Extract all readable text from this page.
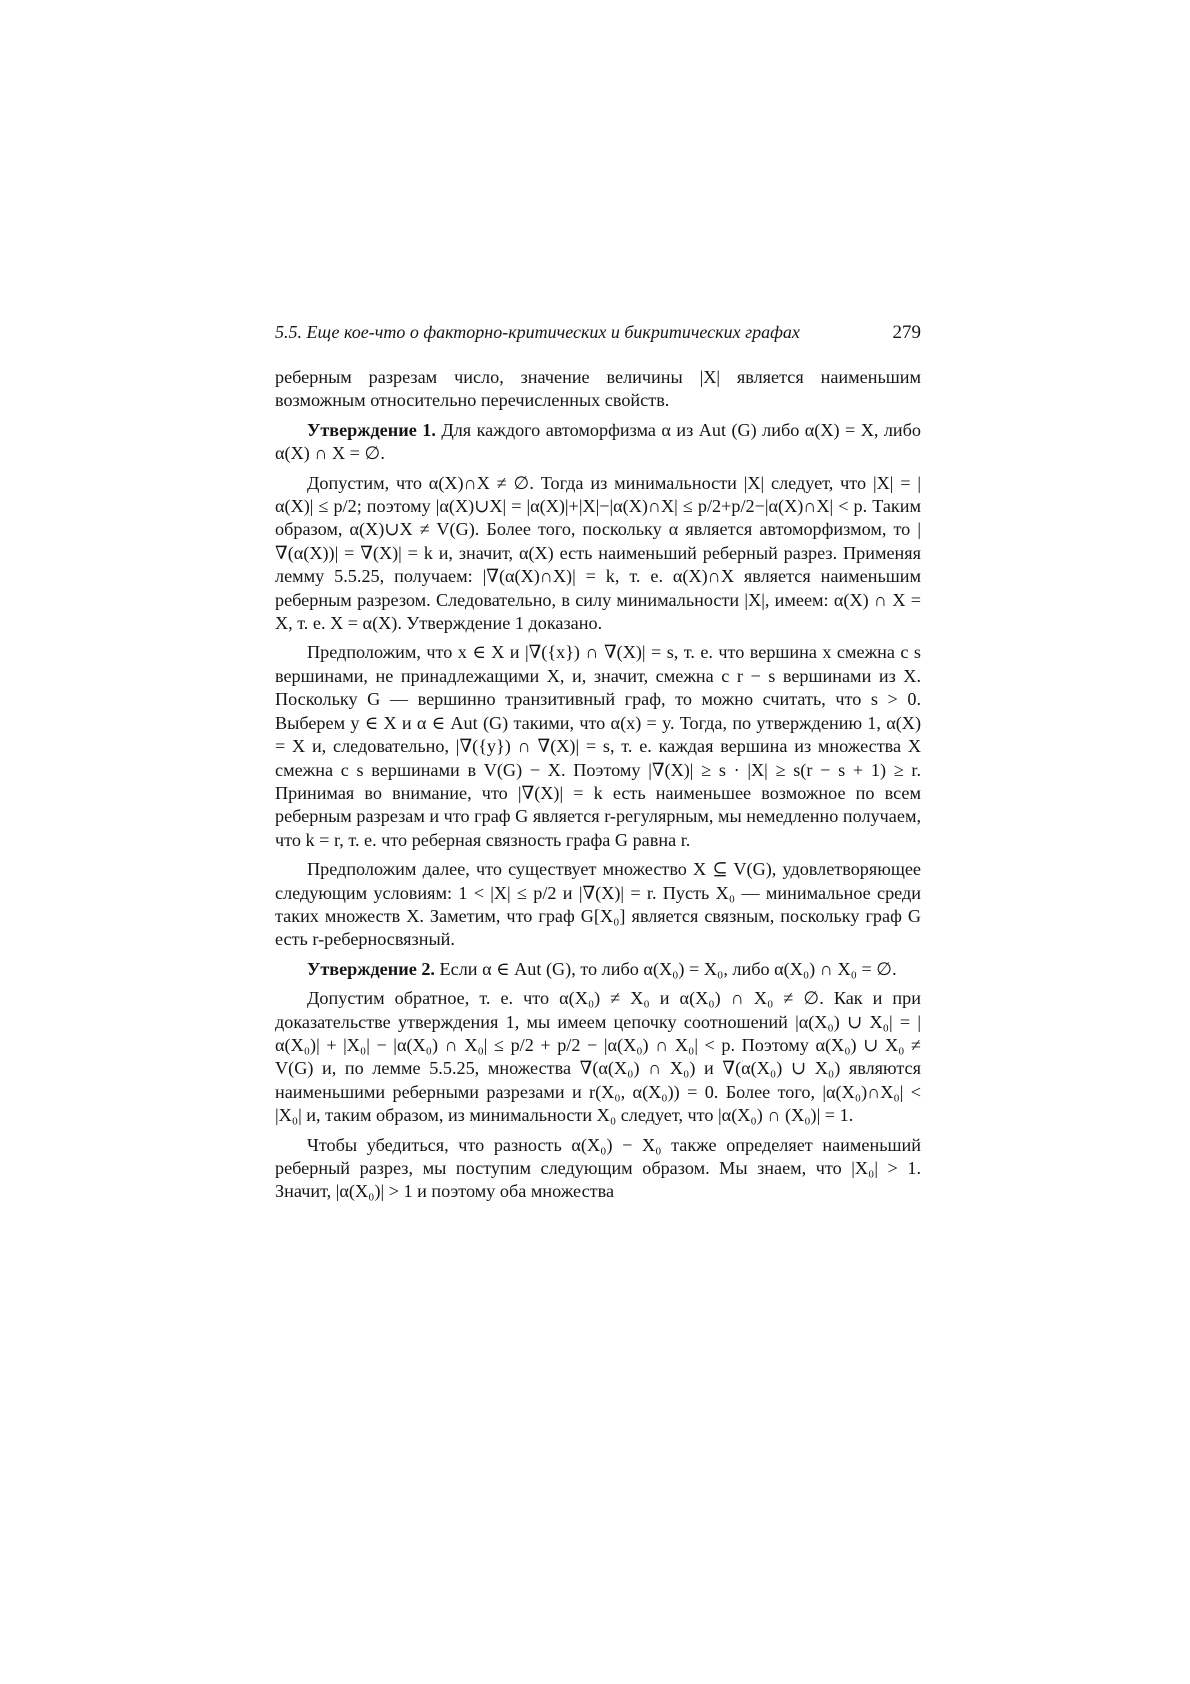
5.5. Еще кое-что о факторно-критических и бикритических графах	279

реберным разрезам число, значение величины |X| является наименьшим возможным относительно перечисленных свойств.

Утверждение 1. Для каждого автоморфизма α из Aut (G) либо α(X) = X, либо α(X) ∩ X = ∅.

Допустим, что α(X)∩X ≠ ∅. Тогда из минимальности |X| следует, что |X| = |α(X)| ≤ p/2; поэтому |α(X)∪X| = |α(X)|+|X|−|α(X)∩X| ≤ p/2+p/2−|α(X)∩X| < p. Таким образом, α(X)∪X ≠ V(G). Более того, поскольку α является автоморфизмом, то |∇(α(X))| = ∇(X)| = k и, значит, α(X) есть наименьший реберный разрез. Применяя лемму 5.5.25, получаем: |∇(α(X)∩X)| = k, т. е. α(X)∩X является наименьшим реберным разрезом. Следовательно, в силу минимальности |X|, имеем: α(X) ∩ X = X, т. е. X = α(X). Утверждение 1 доказано.

Предположим, что x ∈ X и |∇({x}) ∩ ∇(X)| = s, т. е. что вершина x смежна с s вершинами, не принадлежащими X, и, значит, смежна с r − s вершинами из X. Поскольку G — вершинно транзитивный граф, то можно считать, что s > 0. Выберем y ∈ X и α ∈ Aut (G) такими, что α(x) = y. Тогда, по утверждению 1, α(X) = X и, следовательно, |∇({y}) ∩ ∇(X)| = s, т. е. каждая вершина из множества X смежна с s вершинами в V(G) − X. Поэтому |∇(X)| ≥ s · |X| ≥ s(r − s + 1) ≥ r. Принимая во внимание, что |∇(X)| = k есть наименьшее возможное по всем реберным разрезам и что граф G является r-регулярным, мы немедленно получаем, что k = r, т. е. что реберная связность графа G равна r.

Предположим далее, что существует множество X ⊆ V(G), удовлетворяющее следующим условиям: 1 < |X| ≤ p/2 и |∇(X)| = r. Пусть X₀ — минимальное среди таких множеств X. Заметим, что граф G[X₀] является связным, поскольку граф G есть r-реберносвязный.

Утверждение 2. Если α ∈ Aut (G), то либо α(X₀) = X₀, либо α(X₀) ∩ X₀ = ∅.

Допустим обратное, т. е. что α(X₀) ≠ X₀ и α(X₀) ∩ X₀ ≠ ∅. Как и при доказательстве утверждения 1, мы имеем цепочку соотношений |α(X₀) ∪ X₀| = |α(X₀)| + |X₀| − |α(X₀) ∩ X₀| ≤ p/2 + p/2 − |α(X₀) ∩ X₀| < p. Поэтому α(X₀) ∪ X₀ ≠ V(G) и, по лемме 5.5.25, множества ∇(α(X₀) ∩ X₀) и ∇(α(X₀) ∪ X₀) являются наименьшими реберными разрезами и r(X₀, α(X₀)) = 0. Более того, |α(X₀)∩X₀| < |X₀| и, таким образом, из минимальности X₀ следует, что |α(X₀) ∩ (X₀)| = 1.

Чтобы убедиться, что разность α(X₀) − X₀ также определяет наименьший реберный разрез, мы поступим следующим образом. Мы знаем, что |X₀| > 1. Значит, |α(X₀)| > 1 и поэтому оба множества
